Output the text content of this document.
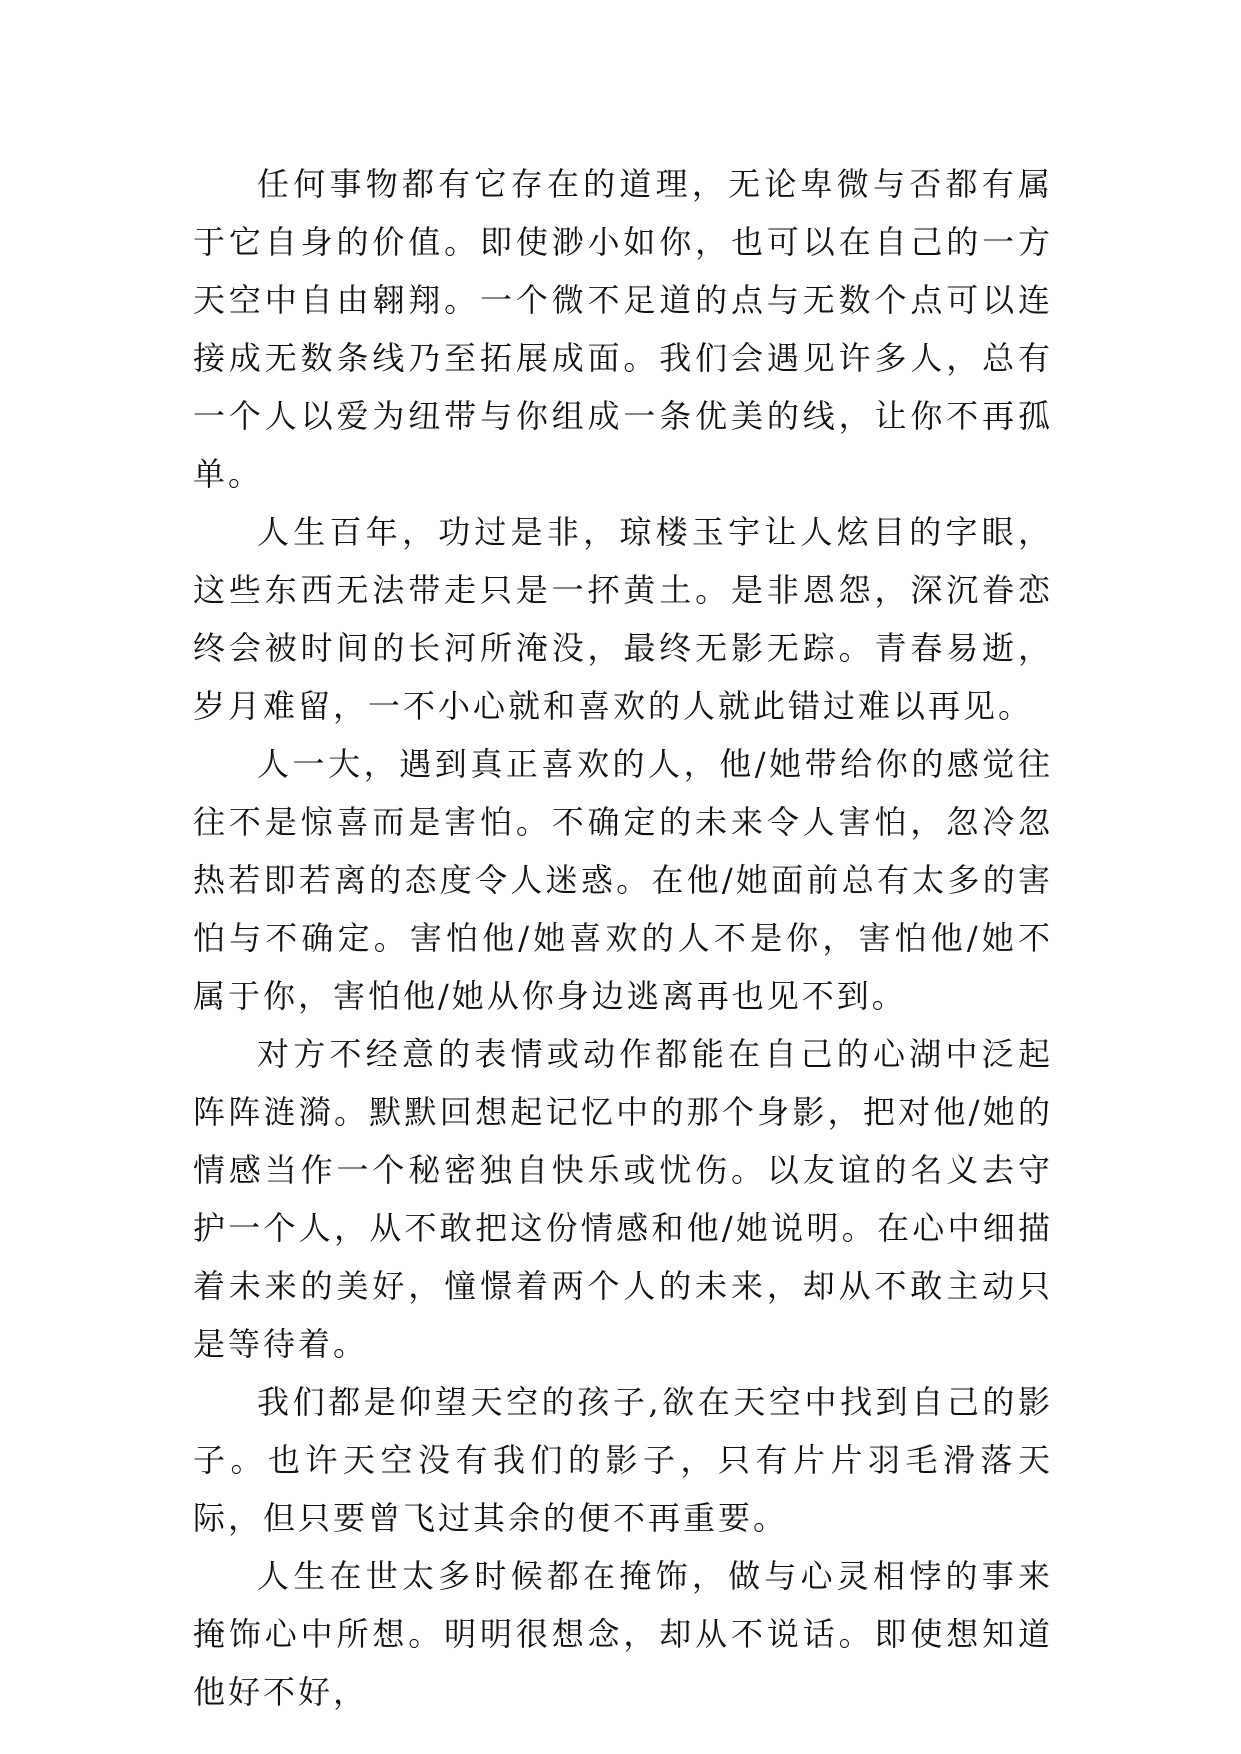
任何事物都有它存在的道理，无论卑微与否都有属于它自身的价值。即使渺小如你，也可以在自己的一方天空中自由翱翔。一个微不足道的点与无数个点可以连接成无数条线乃至拓展成面。我们会遇见许多人，总有一个人以爱为纽带与你组成一条优美的线，让你不再孤单。

人生百年，功过是非，琼楼玉宇让人炫目的字眼，这些东西无法带走只是一抔黄土。是非恩怨，深沉眷恋终会被时间的长河所淹没，最终无影无踪。青春易逝，岁月难留，一不小心就和喜欢的人就此错过难以再见。

人一大，遇到真正喜欢的人，他/她带给你的感觉往往不是惊喜而是害怕。不确定的未来令人害怕，忽冷忽热若即若离的态度令人迷惑。在他/她面前总有太多的害怕与不确定。害怕他/她喜欢的人不是你，害怕他/她不属于你，害怕他/她从你身边逃离再也见不到。

对方不经意的表情或动作都能在自己的心湖中泛起阵阵涟漪。默默回想起记忆中的那个身影，把对他/她的情感当作一个秘密独自快乐或忧伤。以友谊的名义去守护一个人，从不敢把这份情感和他/她说明。在心中细描着未来的美好，憧憬着两个人的未来，却从不敢主动只是等待着。

我们都是仰望天空的孩子,欲在天空中找到自己的影子。也许天空没有我们的影子，只有片片羽毛滑落天际，但只要曾飞过其余的便不再重要。

人生在世太多时候都在掩饰，做与心灵相悖的事来掩饰心中所想。明明很想念，却从不说话。即使想知道他好不好，
